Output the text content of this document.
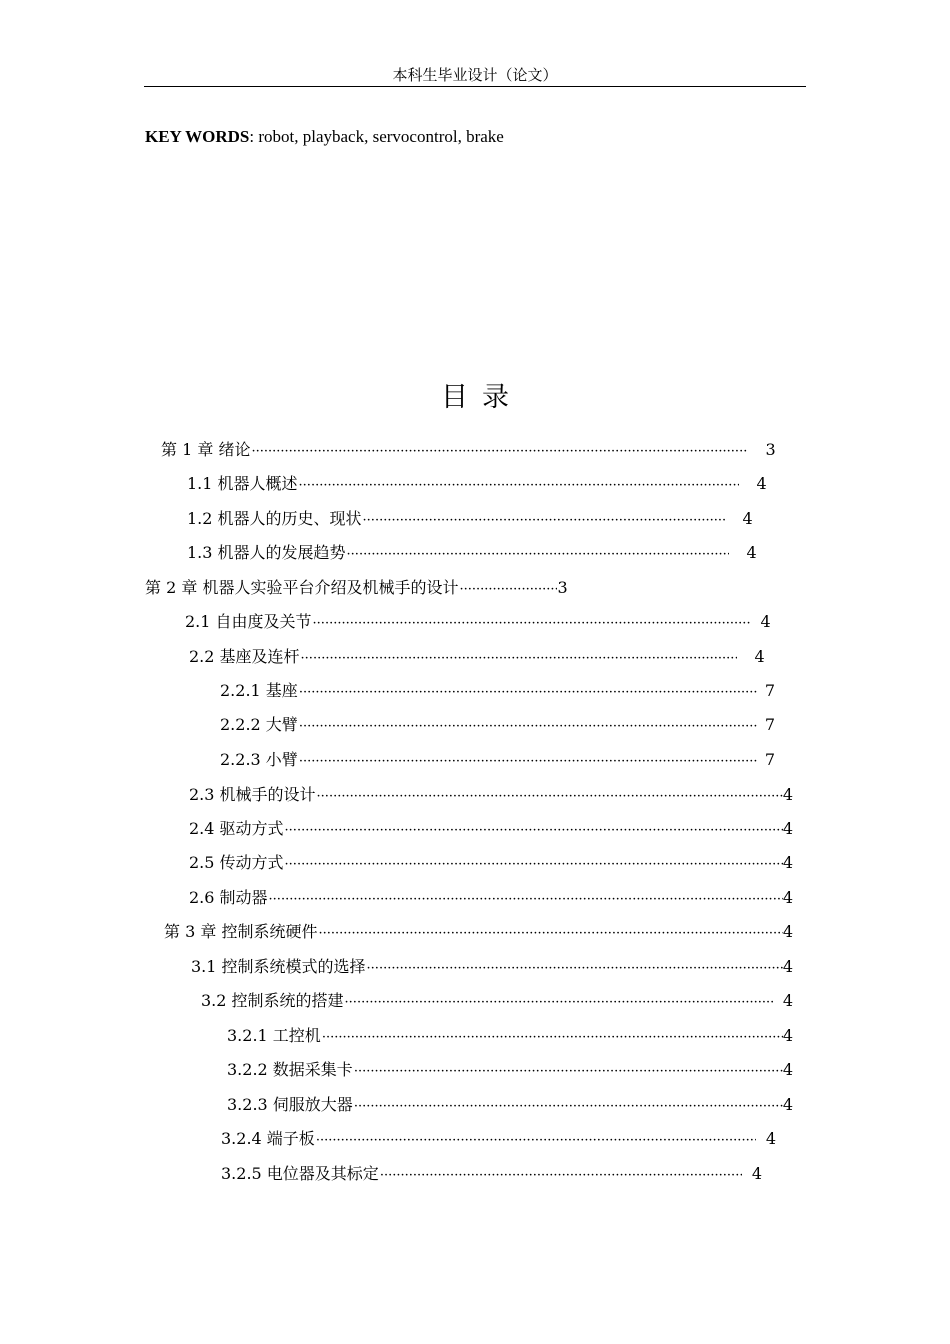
本科生毕业设计（论文）
KEY WORDS: robot, playback, servocontrol, brake
目录
第 1 章 绪论 ·····	3
1.1 机器人概述 ·····	4
1.2 机器人的历史、现状 ·····	4
1.3 机器人的发展趋势 ·····	4
第 2 章 机器人实验平台介绍及机械手的设计 ·····	3
2.1 自由度及关节 ·····	4
2.2 基座及连杆 ·····	4
2.2.1 基座 ·····	7
2.2.2 大臂 ·····	7
2.2.3 小臂 ·····	7
2.3 机械手的设计 ·····	4
2.4 驱动方式 ·····	4
2.5 传动方式 ·····	4
2.6 制动器 ·····	4
第 3 章 控制系统硬件 ·····	4
3.1 控制系统模式的选择 ·····	4
3.2 控制系统的搭建 ·····	4
3.2.1 工控机 ·····	4
3.2.2 数据采集卡 ·····	4
3.2.3 伺服放大器 ·····	4
3.2.4 端子板 ·····	4
3.2.5 电位器及其标定 ·····	4
